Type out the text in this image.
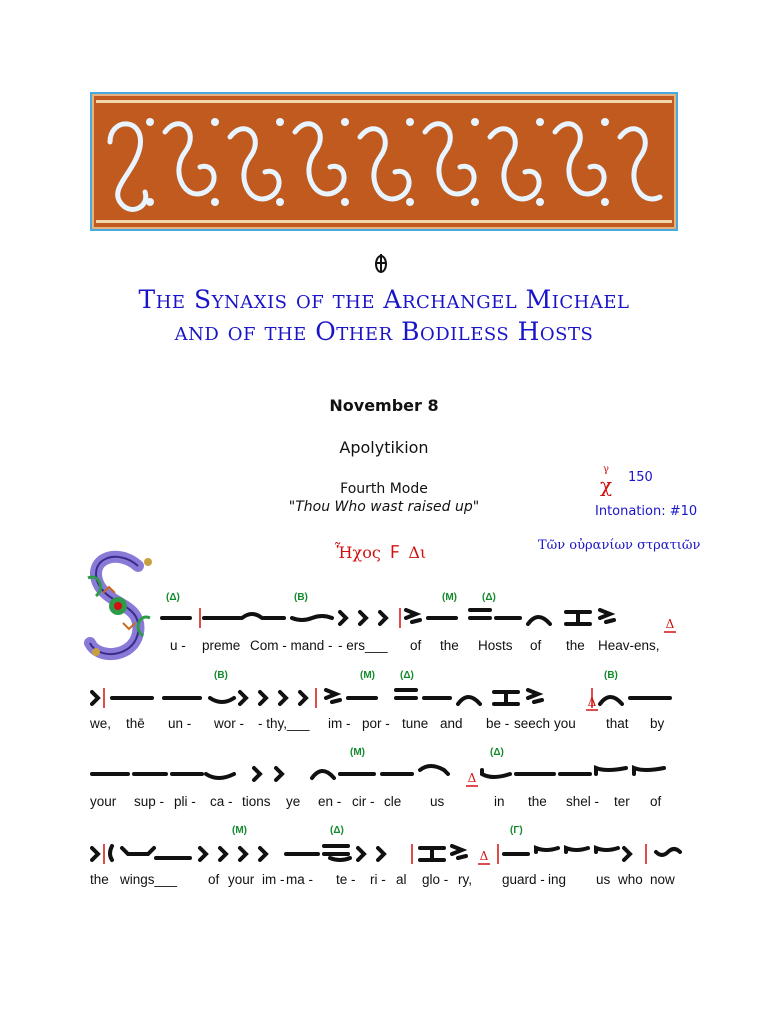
The Synaxis of the Archangel Michael
and of the Other Bodiless Hosts
November 8
Apolytikion
Fourth Mode
"Thou Who wast raised up"
Ἧχος 𝈓 Δι
γ
χ 150
Intonation: #10
Τῶν οὐρανίων στρατιῶν
(Δ)	(B)	(M)	(Δ)
u - preme Com - mand - - ers___ of the Hosts of the Heav-ens,
(B)	(M)	(Δ)	(B)
we, thē un - wor - - thy,___ im - por - tune and be - seech you that by
(M)	(Δ)
Δ
your sup - pli - ca - tions ye en - cir - cle us	in the shel - ter of
(M)	(Δ)	(Γ)
Δ
the wings___ of your im - ma - te - ri - al glo - ry, guard - ing us who now
Δ
Δ
